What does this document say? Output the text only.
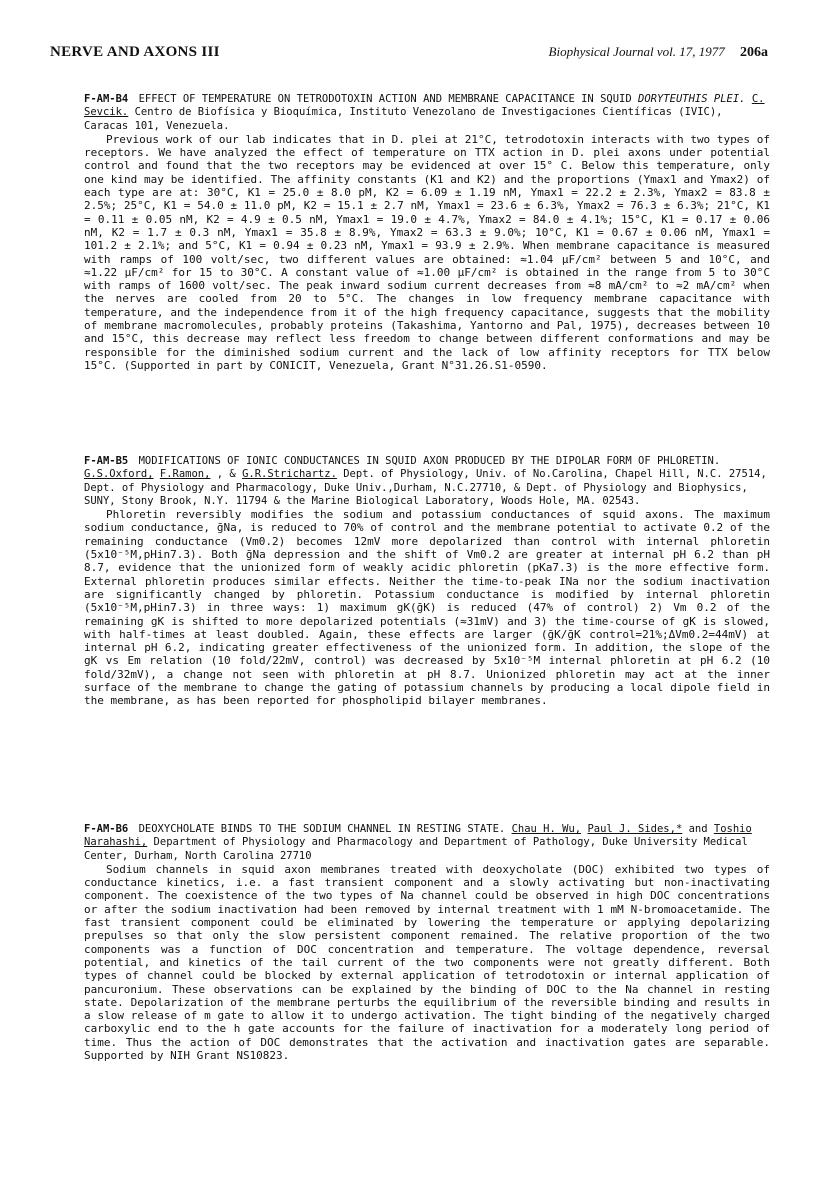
NERVE AND AXONS III	Biophysical Journal vol. 17, 1977 206a
F-AM-B4 EFFECT OF TEMPERATURE ON TETRODOTOXIN ACTION AND MEMBRANE CAPACITANCE IN SQUID DORYTEUTHIS PLEI. C. Sevcik. Centro de Biofísica y Bioquímica, Instituto Venezolano de Investigaciones Científicas (IVIC), Caracas 101, Venezuela.

Previous work of our lab indicates that in D. plei at 21°C, tetrodotoxin interacts with two types of receptors. We have analyzed the effect of temperature on TTX action in D. plei axons under potential control and found that the two receptors may be evidenced at over 15° C. Below this temperature, only one kind may be identified. The affinity constants (K1 and K2) and the proportions (Ymax1 and Ymax2) of each type are at: 30°C, K1 = 25.0 ± 8.0 pM, K2 = 6.09 ± 1.19 nM, Ymax1 = 22.2 ± 2.3%, Ymax2 = 83.8 ± 2.5%; 25°C, K1 = 54.0 ± 11.0 pM, K2 = 15.1 ± 2.7 nM, Ymax1 = 23.6 ± 6.3%, Ymax2 = 76.3 ± 6.3%; 21°C, K1 = 0.11 ± 0.05 nM, K2 = 4.9 ± 0.5 nM, Ymax1 = 19.0 ± 4.7%, Ymax2 = 84.0 ± 4.1%; 15°C, K1 = 0.17 ± 0.06 nM, K2 = 1.7 ± 0.3 nM, Ymax1 = 35.8 ± 8.9%, Ymax2 = 63.3 ± 9.0%; 10°C, K1 = 0.67 ± 0.06 nM, Ymax1 = 101.2 ± 2.1%; and 5°C, K1 = 0.94 ± 0.23 nM, Ymax1 = 93.9 ± 2.9%. When membrane capacitance is measured with ramps of 100 volt/sec, two different values are obtained: ≈1.04 μF/cm² between 5 and 10°C, and ≈1.22 μF/cm² for 15 to 30°C. A constant value of ≈1.00 μF/cm² is obtained in the range from 5 to 30°C with ramps of 1600 volt/sec. The peak inward sodium current decreases from ≈8 mA/cm² to ≈2 mA/cm² when the nerves are cooled from 20 to 5°C. The changes in low frequency membrane capacitance with temperature, and the independence from it of the high frequency capacitance, suggests that the mobility of membrane macromolecules, probably proteins (Takashima, Yantorno and Pal, 1975), decreases between 10 and 15°C, this decrease may reflect less freedom to change between different conformations and may be responsible for the diminished sodium current and the lack of low affinity receptors for TTX below 15°C. (Supported in part by CONICIT, Venezuela, Grant N°31.26.S1-0590.

F-AM-B5 MODIFICATIONS OF IONIC CONDUCTANCES IN SQUID AXON PRODUCED BY THE DIPOLAR FORM OF PHLORETIN. G.S.Oxford, F.Ramon, , & G.R.Strichartz. Dept. of Physiology, Univ. of No.Carolina, Chapel Hill, N.C. 27514, Dept. of Physiology and Pharmacology, Duke Univ.,Durham, N.C.27710, & Dept. of Physiology and Biophysics, SUNY, Stony Brook, N.Y. 11794 & the Marine Biological Laboratory, Woods Hole, MA. 02543.

Phloretin reversibly modifies the sodium and potassium conductances of squid axons. The maximum sodium conductance, ḡNa, is reduced to 70% of control and the membrane potential to activate 0.2 of the remaining conductance (Vm0.2) becomes 12mV more depolarized than control with internal phloretin (5x10⁻⁵M,pHin7.3). Both ḡNa depression and the shift of Vm0.2 are greater at internal pH 6.2 than pH 8.7, evidence that the unionized form of weakly acidic phloretin (pKa7.3) is the more effective form. External phloretin produces similar effects. Neither the time-to-peak INa nor the sodium inactivation are significantly changed by phloretin. Potassium conductance is modified by internal phloretin (5x10⁻⁵M,pHin7.3) in three ways: 1) maximum gK(ḡK) is reduced (47% of control) 2) Vm 0.2 of the remaining gK is shifted to more depolarized potentials (≈31mV) and 3) the time-course of gK is slowed, with half-times at least doubled. Again, these effects are larger (ḡK/ḡK control=21%;ΔVm0.2=44mV) at internal pH 6.2, indicating greater effectiveness of the unionized form. In addition, the slope of the gK vs Em relation (10 fold/22mV, control) was decreased by 5x10⁻⁵M internal phloretin at pH 6.2 (10 fold/32mV), a change not seen with phloretin at pH 8.7. Unionized phloretin may act at the inner surface of the membrane to change the gating of potassium channels by producing a local dipole field in the membrane, as has been reported for phospholipid bilayer membranes.

F-AM-B6 DEOXYCHOLATE BINDS TO THE SODIUM CHANNEL IN RESTING STATE. Chau H. Wu, Paul J. Sides,* and Toshio Narahashi, Department of Physiology and Pharmacology and Department of Pathology, Duke University Medical Center, Durham, North Carolina 27710

Sodium channels in squid axon membranes treated with deoxycholate (DOC) exhibited two types of conductance kinetics, i.e. a fast transient component and a slowly activating but non-inactivating component. The coexistence of the two types of Na channel could be observed in high DOC concentrations or after the sodium inactivation had been removed by internal treatment with 1 mM N-bromoacetamide. The fast transient component could be eliminated by lowering the temperature or applying depolarizing prepulses so that only the slow persistent component remained. The relative proportion of the two components was a function of DOC concentration and temperature. The voltage dependence, reversal potential, and kinetics of the tail current of the two components were not greatly different. Both types of channel could be blocked by external application of tetrodotoxin or internal application of pancuronium. These observations can be explained by the binding of DOC to the Na channel in resting state. Depolarization of the membrane perturbs the equilibrium of the reversible binding and results in a slow release of m gate to allow it to undergo activation. The tight binding of the negatively charged carboxylic end to the h gate accounts for the failure of inactivation for a moderately long period of time. Thus the action of DOC demonstrates that the activation and inactivation gates are separable. Supported by NIH Grant NS10823.
